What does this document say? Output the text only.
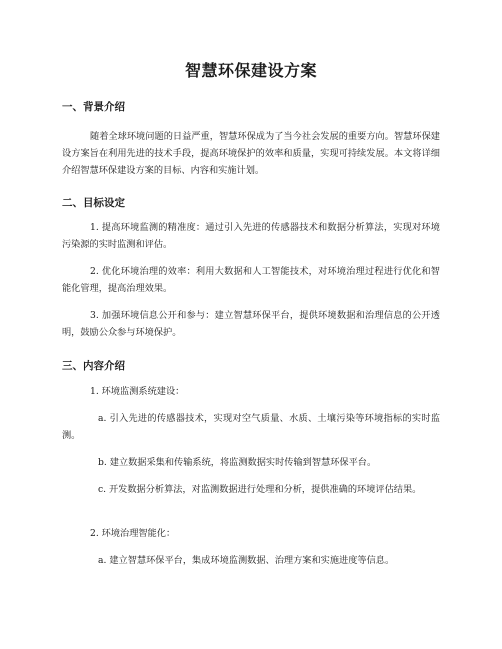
智慧环保建设方案
一、背景介绍

随着全球环境问题的日益严重，智慧环保成为了当今社会发展的重要方向。智慧环保建设方案旨在利用先进的技术手段，提高环境保护的效率和质量，实现可持续发展。本文将详细介绍智慧环保建设方案的目标、内容和实施计划。

二、目标设定

1. 提高环境监测的精准度：通过引入先进的传感器技术和数据分析算法，实现对环境污染源的实时监测和评估。

2. 优化环境治理的效率：利用大数据和人工智能技术，对环境治理过程进行优化和智能化管理，提高治理效果。

3. 加强环境信息公开和参与：建立智慧环保平台，提供环境数据和治理信息的公开透明，鼓励公众参与环境保护。

三、内容介绍

1. 环境监测系统建设：

a. 引入先进的传感器技术，实现对空气质量、水质、土壤污染等环境指标的实时监测。

b. 建立数据采集和传输系统，将监测数据实时传输到智慧环保平台。

c. 开发数据分析算法，对监测数据进行处理和分析，提供准确的环境评估结果。

2. 环境治理智能化：

a. 建立智慧环保平台，集成环境监测数据、治理方案和实施进度等信息。
